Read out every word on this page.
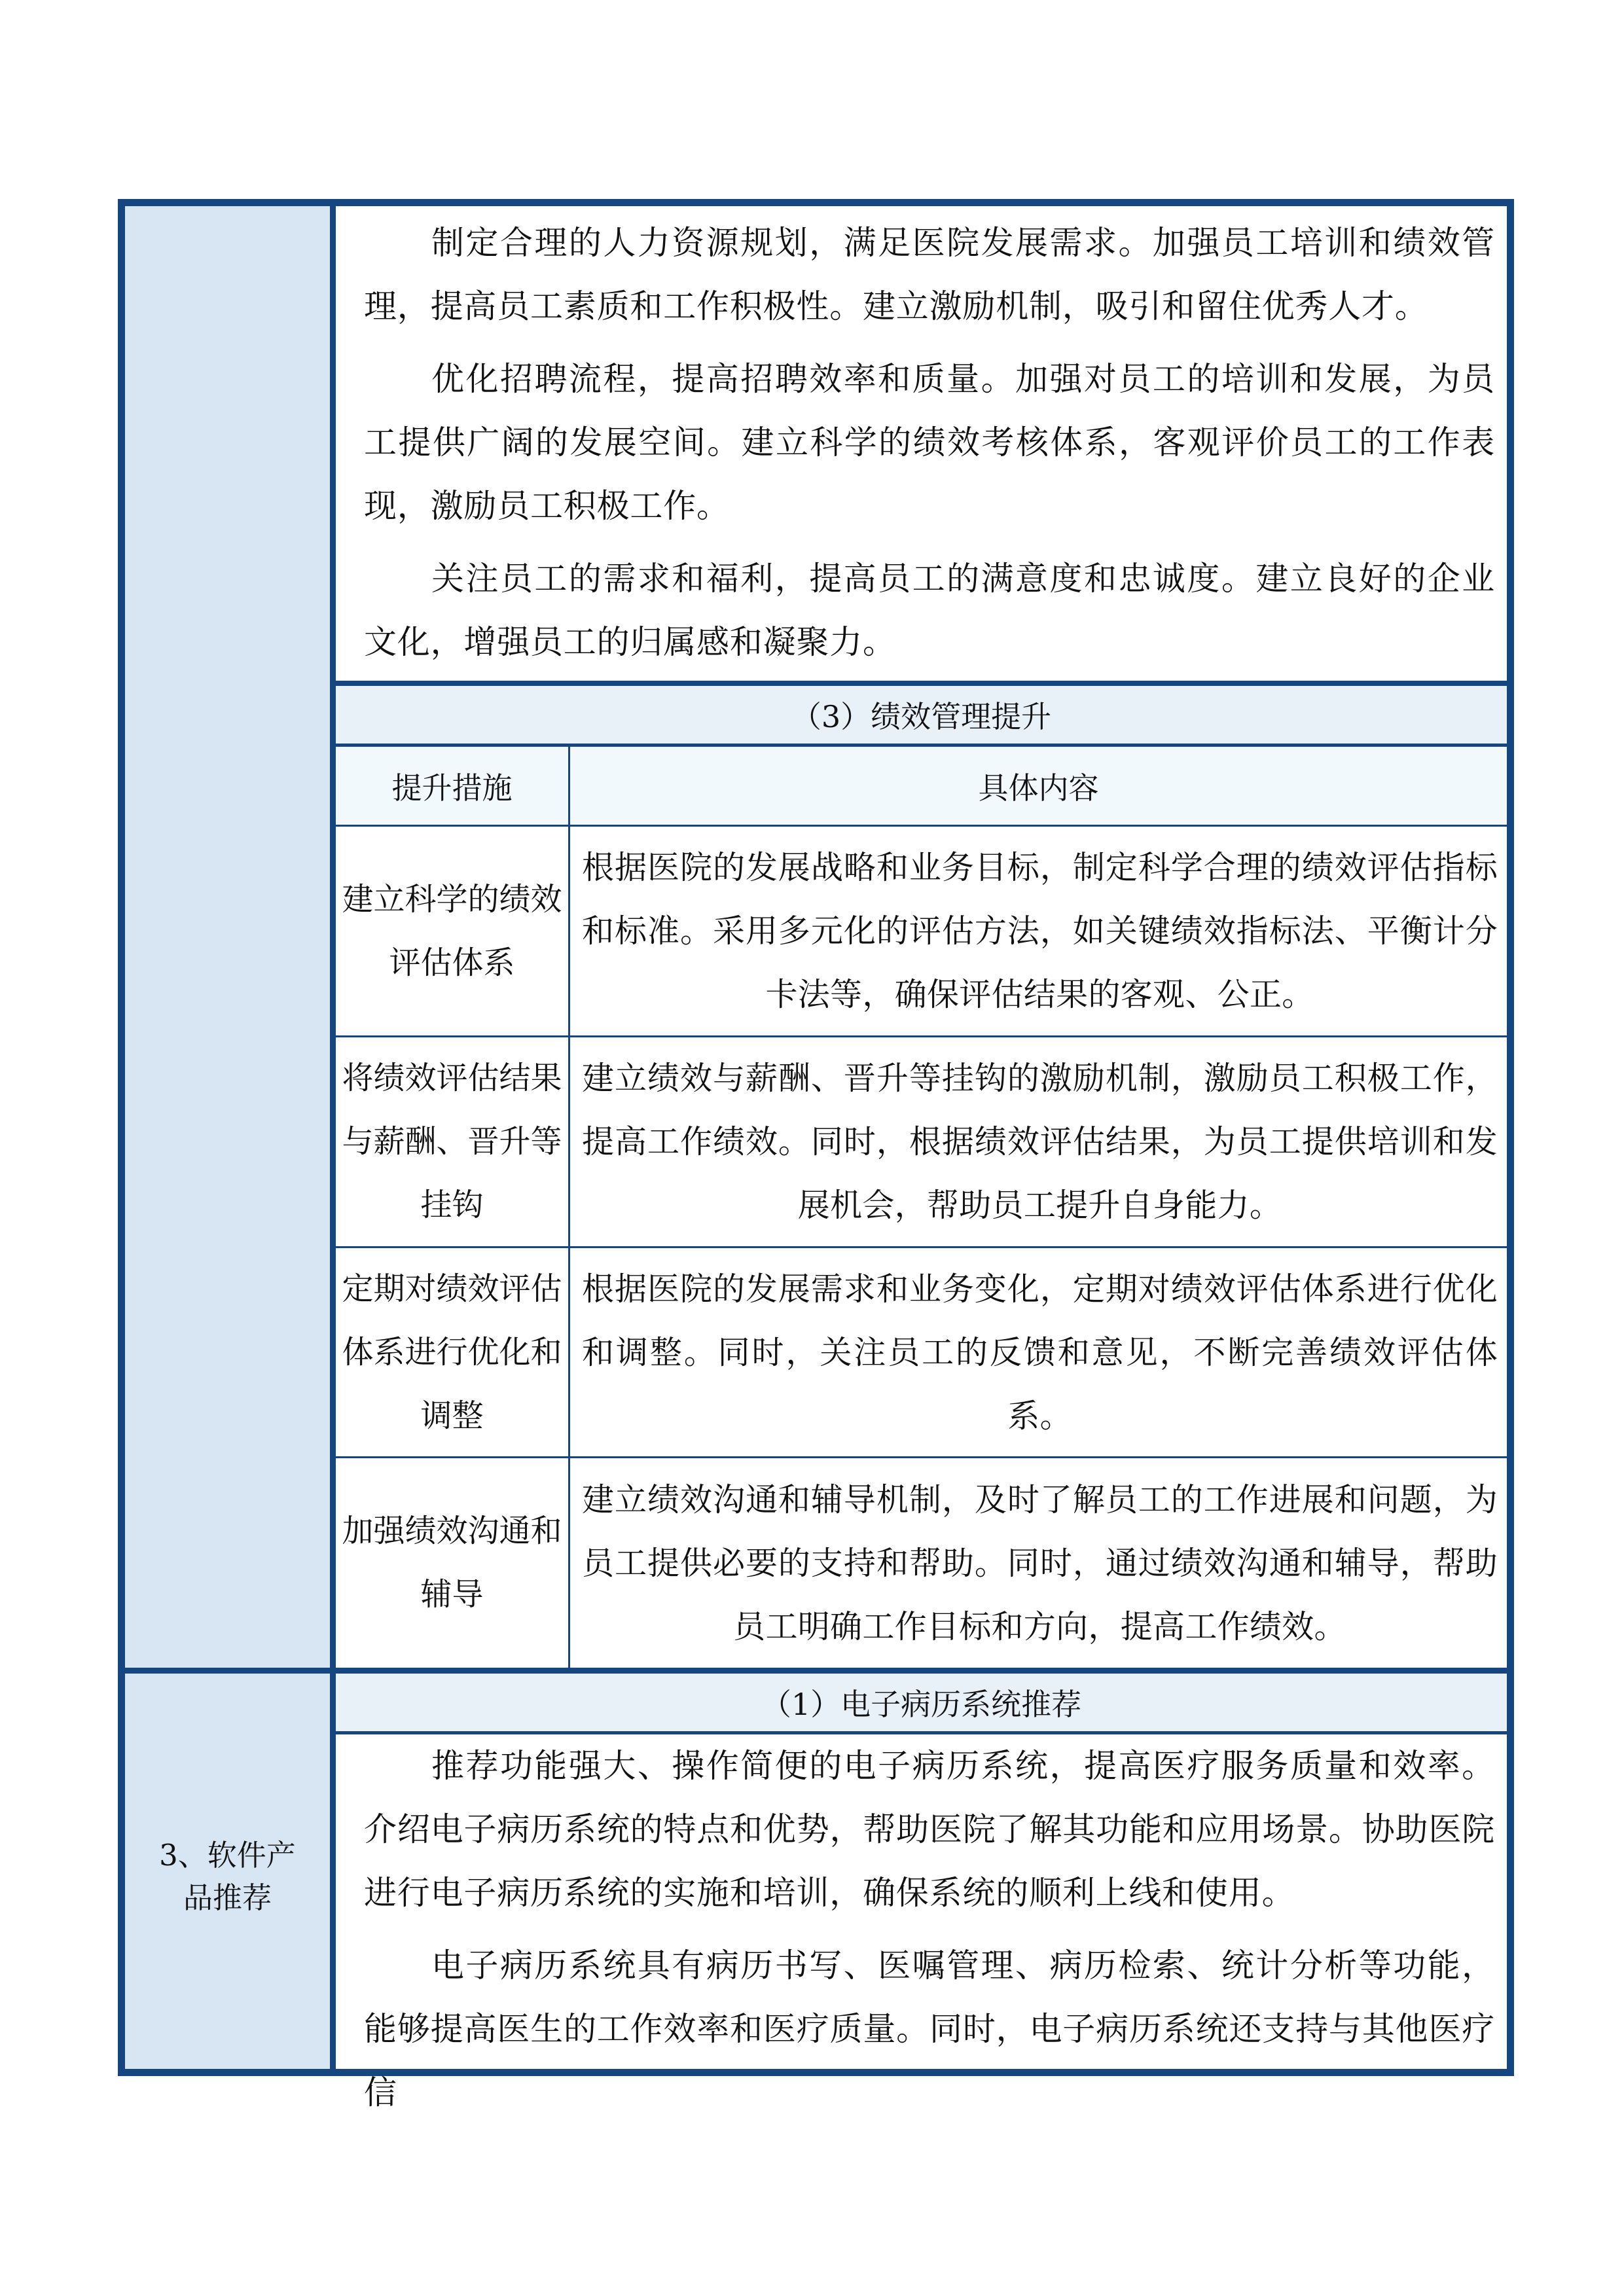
制定合理的人力资源规划，满足医院发展需求。加强员工培训和绩效管理，提高员工素质和工作积极性。建立激励机制，吸引和留住优秀人才。

优化招聘流程，提高招聘效率和质量。加强对员工的培训和发展，为员工提供广阔的发展空间。建立科学的绩效考核体系，客观评价员工的工作表现，激励员工积极工作。

关注员工的需求和福利，提高员工的满意度和忠诚度。建立良好的企业文化，增强员工的归属感和凝聚力。

（3）绩效管理提升
提升措施	具体内容
建立科学的绩效评估体系
根据医院的发展战略和业务目标，制定科学合理的绩效评估指标和标准。采用多元化的评估方法，如关键绩效指标法、平衡计分卡法等，确保评估结果的客观、公正。
将绩效评估结果与薪酬、晋升等挂钩
建立绩效与薪酬、晋升等挂钩的激励机制，激励员工积极工作，提高工作绩效。同时，根据绩效评估结果，为员工提供培训和发展机会，帮助员工提升自身能力。
定期对绩效评估体系进行优化和调整
根据医院的发展需求和业务变化，定期对绩效评估体系进行优化和调整。同时，关注员工的反馈和意见，不断完善绩效评估体系。
加强绩效沟通和辅导
建立绩效沟通和辅导机制，及时了解员工的工作进展和问题，为员工提供必要的支持和帮助。同时，通过绩效沟通和辅导，帮助员工明确工作目标和方向，提高工作绩效。
3、软件产品推荐
（1）电子病历系统推荐

推荐功能强大、操作简便的电子病历系统，提高医疗服务质量和效率。介绍电子病历系统的特点和优势，帮助医院了解其功能和应用场景。协助医院进行电子病历系统的实施和培训，确保系统的顺利上线和使用。

电子病历系统具有病历书写、医嘱管理、病历检索、统计分析等功能，能够提高医生的工作效率和医疗质量。同时，电子病历系统还支持与其他医疗信
